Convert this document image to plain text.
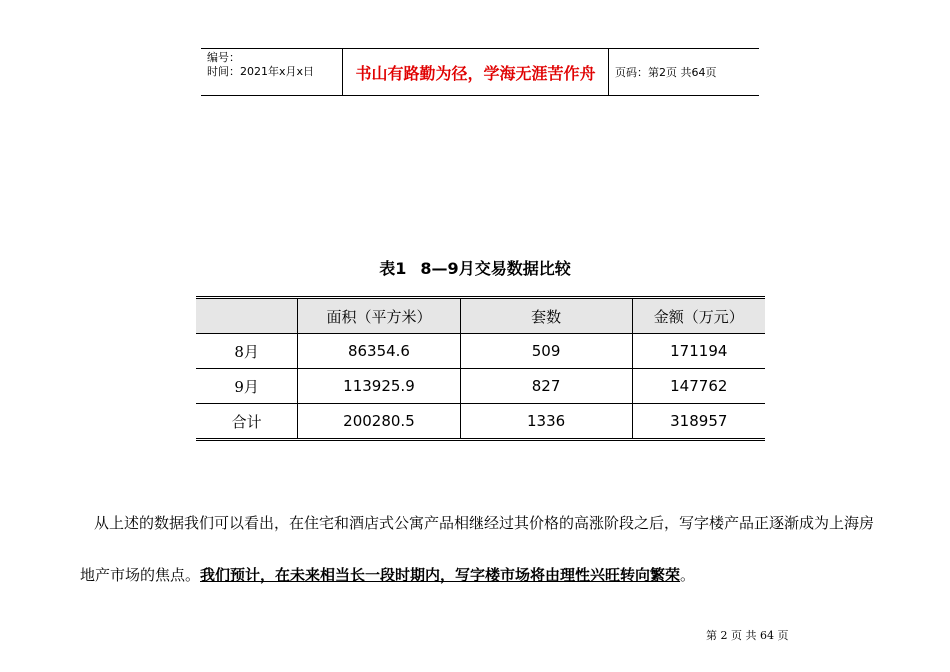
编号：
时间：2021年x月x日	书山有路勤为径，学海无涯苦作舟 页码：第2页 共64页
表1 8—9月交易数据比较
	面积（平方米）	套数	金额（万元）
8月	86354.6	509	171194
9月	113925.9	827	147762
合计	200280.5	1336	318957
从上述的数据我们可以看出，在住宅和酒店式公寓产品相继经过其价格的高涨阶段之后，写字楼产品正逐渐成为上海房地产市场的焦点。我们预计，在未来相当长一段时期内，写字楼市场将由理性兴旺转向繁荣。
第 2 页 共 64 页
